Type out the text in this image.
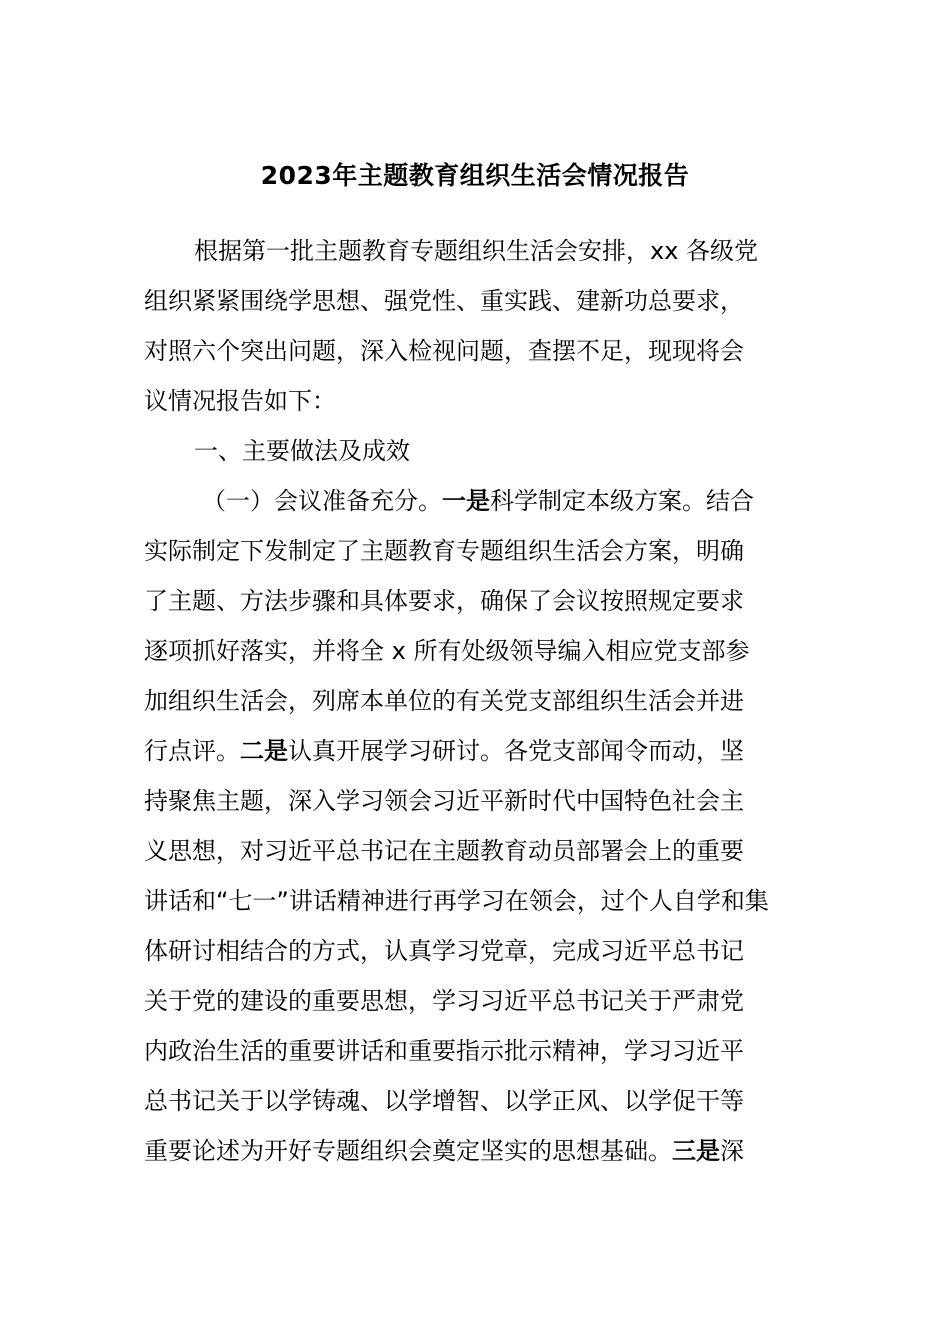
2023年主题教育组织生活会情况报告
根据第一批主题教育专题组织生活会安排，xx 各级党
组织紧紧围绕学思想、强党性、重实践、建新功总要求，
对照六个突出问题，深入检视问题，查摆不足，现现将会
议情况报告如下：
一、主要做法及成效
（一）会议准备充分。一是科学制定本级方案。结合
实际制定下发制定了主题教育专题组织生活会方案，明确
了主题、方法步骤和具体要求，确保了会议按照规定要求
逐项抓好落实，并将全 x 所有处级领导编入相应党支部参
加组织生活会，列席本单位的有关党支部组织生活会并进
行点评。二是认真开展学习研讨。各党支部闻令而动，坚
持聚焦主题，深入学习领会习近平新时代中国特色社会主
义思想，对习近平总书记在主题教育动员部署会上的重要
讲话和“七一”讲话精神进行再学习在领会，过个人自学和集
体研讨相结合的方式，认真学习党章，完成习近平总书记
关于党的建设的重要思想，学习习近平总书记关于严肃党
内政治生活的重要讲话和重要指示批示精神，学习习近平
总书记关于以学铸魂、以学增智、以学正风、以学促干等
重要论述为开好专题组织会奠定坚实的思想基础。三是深
